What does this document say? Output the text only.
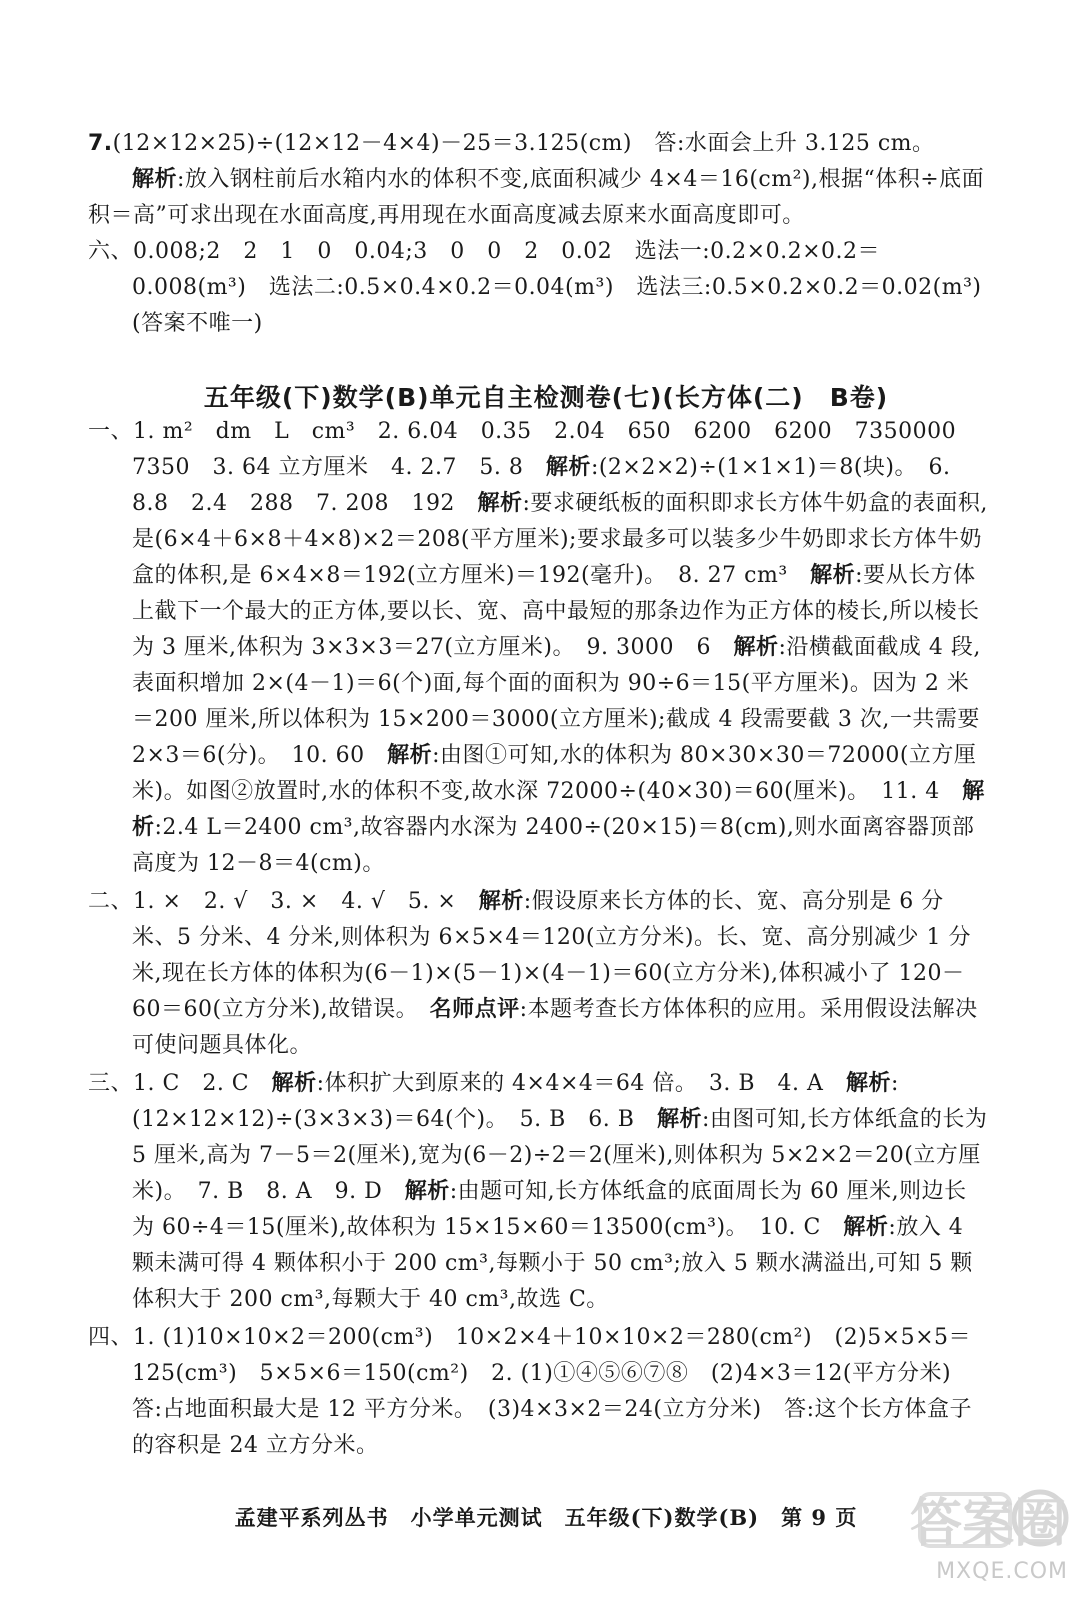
7.(12×12×25)÷(12×12－4×4)－25＝3.125(cm)　答:水面会上升 3.125 cm。
解析:放入钢柱前后水箱内水的体积不变,底面积减少 4×4＝16(cm²),根据“体积÷底面积＝高”可求出现在水面高度,再用现在水面高度减去原来水面高度即可。

六、0.008;2　2　1　0　0.04;3　0　0　2　0.02　选法一:0.2×0.2×0.2＝0.008(m³)　选法二:0.5×0.4×0.2＝0.04(m³)　选法三:0.5×0.2×0.2＝0.02(m³)(答案不唯一)

五年级(下)数学(B)单元自主检测卷(七)(长方体(二)　B卷)

一、1. m²　dm　L　cm³　2. 6.04　0.35　2.04　650　6200　6200　7350000　7350　3. 64 立方厘米　4. 2.7　5. 8　解析:(2×2×2)÷(1×1×1)＝8(块)。　6. 8.8　2.4　288　7. 208　192　解析:要求硬纸板的面积即求长方体牛奶盒的表面积,是(6×4＋6×8＋4×8)×2＝208(平方厘米);要求最多可以装多少牛奶即求长方体牛奶盒的体积,是 6×4×8＝192(立方厘米)＝192(毫升)。　8. 27 cm³　解析:要从长方体上截下一个最大的正方体,要以长、宽、高中最短的那条边作为正方体的棱长,所以棱长为 3 厘米,体积为 3×3×3＝27(立方厘米)。　9. 3000　6　解析:沿横截面截成 4 段,表面积增加 2×(4－1)＝6(个)面,每个面的面积为 90÷6＝15(平方厘米)。因为 2 米＝200 厘米,所以体积为 15×200＝3000(立方厘米);截成 4 段需要截 3 次,一共需要 2×3＝6(分)。　10. 60　解析:由图①可知,水的体积为 80×30×30＝72000(立方厘米)。如图②放置时,水的体积不变,故水深 72000÷(40×30)＝60(厘米)。　11. 4　解析:2.4 L＝2400 cm³,故容器内水深为 2400÷(20×15)＝8(cm),则水面离容器顶部高度为 12－8＝4(cm)。

二、1. ×　2. √　3. ×　4. √　5. ×　解析:假设原来长方体的长、宽、高分别是 6 分米、5 分米、4 分米,则体积为 6×5×4＝120(立方分米)。长、宽、高分别减少 1 分米,现在长方体的体积为(6－1)×(5－1)×(4－1)＝60(立方分米),体积减小了 120－60＝60(立方分米),故错误。　名师点评:本题考查长方体体积的应用。采用假设法解决可使问题具体化。

三、1. C　2. C　解析:体积扩大到原来的 4×4×4＝64 倍。　3. B　4. A　解析:(12×12×12)÷(3×3×3)＝64(个)。　5. B　6. B　解析:由图可知,长方体纸盒的长为 5 厘米,高为 7－5＝2(厘米),宽为(6－2)÷2＝2(厘米),则体积为 5×2×2＝20(立方厘米)。　7. B　8. A　9. D　解析:由题可知,长方体纸盒的底面周长为 60 厘米,则边长为 60÷4＝15(厘米),故体积为 15×15×60＝13500(cm³)。　10. C　解析:放入 4 颗未满可得 4 颗体积小于 200 cm³,每颗小于 50 cm³;放入 5 颗水满溢出,可知 5 颗体积大于 200 cm³,每颗大于 40 cm³,故选 C。

四、1. (1)10×10×2＝200(cm³)　10×2×4＋10×10×2＝280(cm²)　(2)5×5×5＝125(cm³)　5×5×6＝150(cm²)　2. (1)①④⑤⑥⑦⑧　(2)4×3＝12(平方分米)　答:占地面积最大是 12 平方分米。　(3)4×3×2＝24(立方分米)　答:这个长方体盒子的容积是 24 立方分米。

孟建平系列丛书　小学单元测试　五年级(下)数学(B)　第 9 页	答案圈
MXQE.COM
